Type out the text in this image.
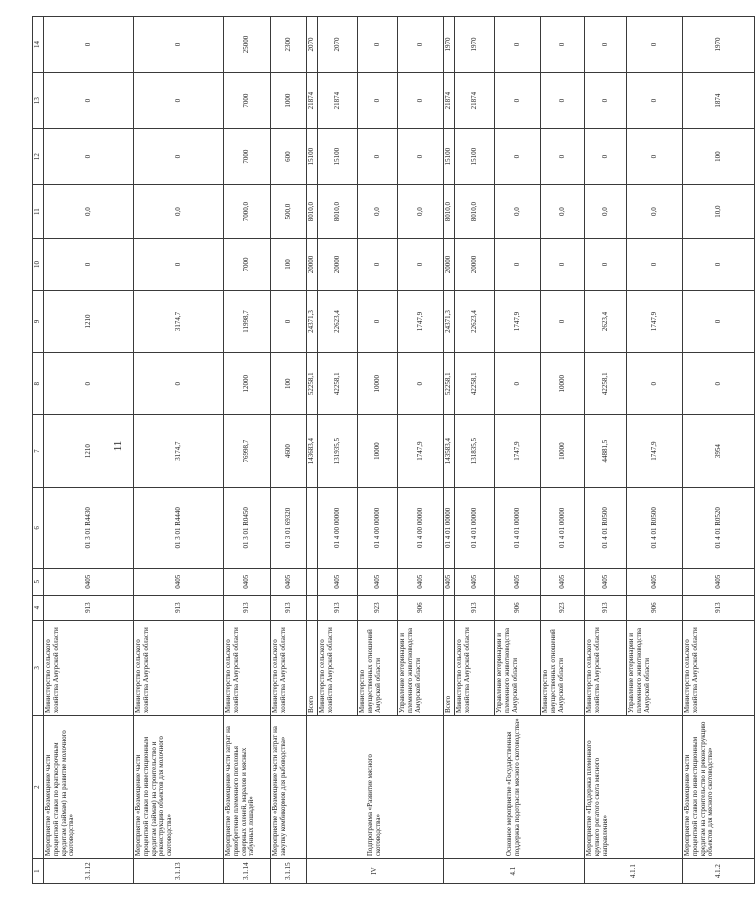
11
1	2	3	4	5	6	7	8	9	10	11	12	13	14
3.1.12	Мероприятие «Возмещение части процентной ставки по краткосрочным кредитам (займам) на развитие молочного скотоводства»	Министерство сельского хозяйства Амурской области	913	0405	01 3 01 R4430	1210	0	1210	0	0,0	0	0	0
3.1.13	Мероприятие «Возмещение части процентной ставки по инвестиционным кредитам (займам) на строительство и реконструкцию объектов для молочного скотоводства»	Министерство сельского хозяйства Амурской области	913	0405	01 3 01 R4440	3174,7	0	3174,7	0	0,0	0	0	0
3.1.14	Мероприятие «Возмещение части затрат на приобретение племенного поголовья северных оленей, маралов и мясных табунных лошадей»	Министерство сельского хозяйства Амурской области	913	0405	01 3 01 R0450	76998,7	12000	11998,7	7000	7000,0	7000	7000	25000
3.1.15	Мероприятие «Возмещение части затрат на закупку комбикормов для рыбоводства»	Министерство сельского хозяйства Амурской области	913	0405	01 3 01 69320	4600	100	0	100	500,0	600	1000	2300
IV	Подпрограмма «Развитие мясного скотоводства»	Всего				143683,4	52258,1	24371,3	20000	8010,0	15100	21874	2070
		Министерство сельского хозяйства Амурской области	913	0405	01 4 00 00000	131935,5	42258,1	22623,4	20000	8010,0	15100	21874	2070
		Министерство имущественных отношений Амурской области	923	0405	01 4 00 00000	10000	10000	0	0	0,0	0	0	0
		Управление ветеринарии и племенного животноводства Амурской области	906	0405	01 4 00 00000	1747,9	0	1747,9	0	0,0	0	0	0
4.1	Основное мероприятие «Государственная поддержка подотрасли мясного скотоводства»	Всего		0405	01 4 01 00000	143583,4	52258,1	24371,3	20000	8010,0	15100	21874	1970
		Министерство сельского хозяйства Амурской области	913	0405	01 4 01 00000	131835,5	42258,1	22623,4	20000	8010,0	15100	21874	1970
		Управление ветеринарии и племенного животноводства Амурской области	906	0405	01 4 01 00000	1747,9	0	1747,9	0	0,0	0	0	0
		Министерство имущественных отношений Амурской области	923	0405	01 4 01 00000	10000	10000	0	0	0,0	0	0	0
4.1.1	Мероприятие «Поддержка племенного крупного рогатого скота мясного направления»	Министерство сельского хозяйства Амурской области	913	0405	01 4 01 R0500	44881,5	42258,1	2623,4	0	0,0	0	0	0
		Управление ветеринарии и племенного животноводства Амурской области	906	0405	01 4 01 R0500	1747,9	0	1747,9	0	0,0	0	0	0
4.1.2	Мероприятие «Возмещение части процентной ставки по инвестиционным кредитам на строительство и реконструкцию объектов для мясного скотоводства»	Министерство сельского хозяйства Амурской области	913	0405	01 4 01 R0520	3954	0	0	0	10,0	100	1874	1970
